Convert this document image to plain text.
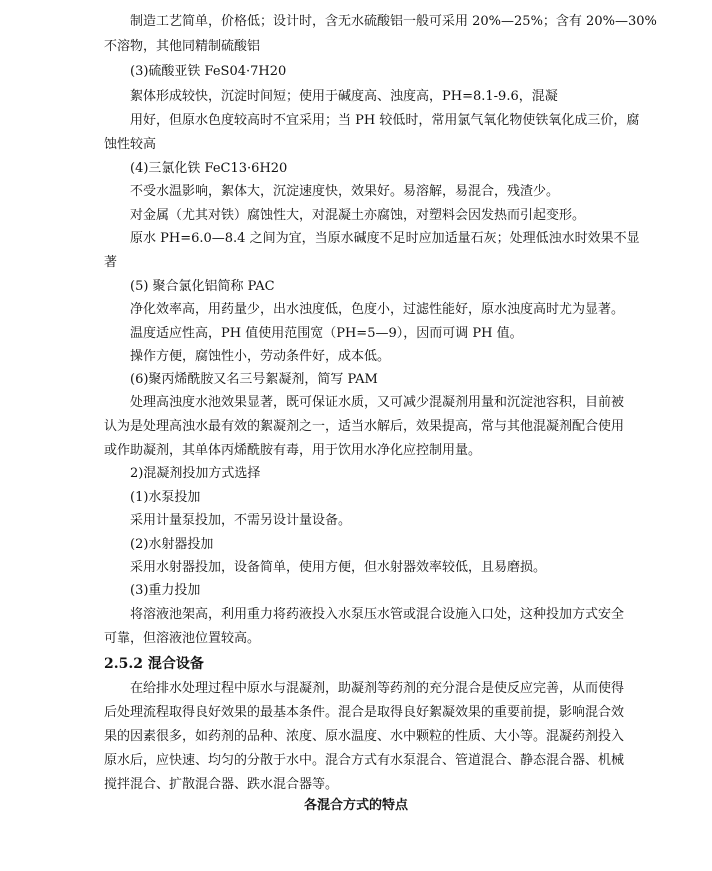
制造工艺简单，价格低；设计时，含无水硫酸铝一般可采用 20%—25%；含有 20%—30%
不溶物，其他同精制硫酸铝
(3)硫酸亚铁 FeS04·7H20
絮体形成较快，沉淀时间短；使用于碱度高、浊度高，PH=8.1-9.6，混凝
用好，但原水色度较高时不宜采用；当 PH 较低时，常用氯气氧化物使铁氧化成三价，腐
蚀性较高
(4)三氯化铁 FeC13·6H20
不受水温影响，絮体大，沉淀速度快，效果好。易溶解，易混合，残渣少。
对金属（尤其对铁）腐蚀性大，对混凝土亦腐蚀，对塑料会因发热而引起变形。
原水 PH=6.0—8.4 之间为宜，当原水碱度不足时应加适量石灰；处理低浊水时效果不显
著
(5) 聚合氯化铝简称 PAC
净化效率高，用药量少，出水浊度低，色度小，过滤性能好，原水浊度高时尤为显著。
温度适应性高，PH 值使用范围宽（PH=5—9），因而可调 PH 值。
操作方便，腐蚀性小，劳动条件好，成本低。
(6)聚丙烯酰胺又名三号絮凝剂，简写 PAM
处理高浊度水池效果显著，既可保证水质，又可减少混凝剂用量和沉淀池容积，目前被
认为是处理高浊水最有效的絮凝剂之一，适当水解后，效果提高，常与其他混凝剂配合使用
或作助凝剂，其单体丙烯酰胺有毒，用于饮用水净化应控制用量。
2)混凝剂投加方式选择
(1)水泵投加
采用计量泵投加，不需另设计量设备。
(2)水射器投加
采用水射器投加，设备简单，使用方便，但水射器效率较低，且易磨损。
(3)重力投加
将溶液池架高，利用重力将药液投入水泵压水管或混合设施入口处，这种投加方式安全
可靠，但溶液池位置较高。
2.5.2 混合设备
在给排水处理过程中原水与混凝剂，助凝剂等药剂的充分混合是使反应完善，从而使得
后处理流程取得良好效果的最基本条件。混合是取得良好絮凝效果的重要前提，影响混合效
果的因素很多，如药剂的品种、浓度、原水温度、水中颗粒的性质、大小等。混凝药剂投入
原水后，应快速、均匀的分散于水中。混合方式有水泵混合、管道混合、静态混合器、机械
搅拌混合、扩散混合器、跌水混合器等。
各混合方式的特点
